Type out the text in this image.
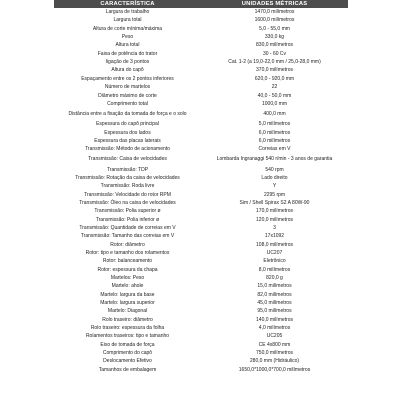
CARACTERÍSTICA	UNIDADES MÉTRICAS
Largura de trabalho	1470,0 milímetros
Largura total	1600,0 milímetros
Altura de corte mínima/máxima	5,0 - 55,0 mm
Peso	330,0 kg
Altura total	830,0 milímetros
Faixa de potência do trator	30 - 60 Cv
ligação de 3 pontos	Cat. 1-2 (a 19,0-22,0 mm / 25,0-28,0 mm)
Altura do capô	370,0 milímetros
Espaçamento entre os 2 pontos inferiores	620,0 - 920,0 mm
Número de martelos	22
Diâmetro máximo de corte	40,0 - 50,0 mm
Comprimento total	1000,0 mm
Distância entre a fixação da tomada de força e o solo	400,0 mm
Espessura do capô principal	5,0 milímetros
Espessura dos lados	6,0 milímetros
Espessura das placas laterais	6,0 milímetros
Transmissão: Método de acionamento	Correias em V
Transmissão: Caixa de velocidades	Lombarda Ingranaggi 540 r/min - 3 anos de garantia
Transmissão: TDP	540 rpm
Transmissão: Rotação da caixa de velocidades	Lado direito
Transmissão: Roda livre	Y
Transmissão: Velocidade do rotor RPM	2295 rpm
Transmissão: Óleo na caixa de velocidades	Sim / Shell Spirax S2 A 80W-90
Transmissão: Polia superior ø	170,0 milímetros
Transmissão: Polia inferior ø	120,0 milímetros
Transmissão: Quantidade de correias em V	3
Transmissão: Tamanho das correias em V	17x1092
Rotor: diâmetro	108,0 milímetros
Rotor: tipo e tamanho dos rolamentos	UC207
Rotor: balanceamento	Eletrônico
Rotor: espessura da chapa	8,0 milímetros
Martelos: Peso	820,0 g
Martelo: ahole	15,0 milímetros
Martelo: largura da base	82,0 milímetros
Martelo: largura superior	45,0 milímetros
Martelo: Diagonal	95,0 milímetros
Rolo traseiro: diâmetro	140,0 milímetros
Rolo traseiro: espessura da folha	4,0 milímetros
Rolamentos traseiros: tipo e tamanho	UC205
Eixo de tomada de força	CE 4x800 mm
Comprimento do capô	750,0 milímetros
Deslocamento Efetivo	280,0 mm (Hidráulico)
Tamanhos de embalagem	1650,0*1000,0*700,0 milímetros
